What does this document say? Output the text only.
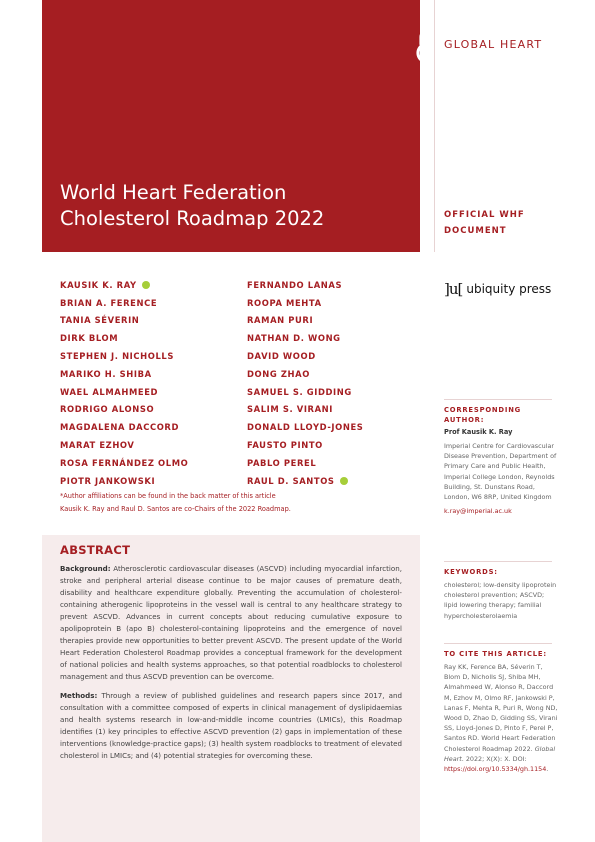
World Heart Federation
Cholesterol Roadmap 2022
GLOBAL HEART
OFFICIAL WHF
DOCUMENT
]u[ ubiquity press
KAUSIK K. RAY
BRIAN A. FERENCE
TANIA SÉVERIN
DIRK BLOM
STEPHEN J. NICHOLLS
MARIKO H. SHIBA
WAEL ALMAHMEED
RODRIGO ALONSO
MAGDALENA DACCORD
MARAT EZHOV
ROSA FERNÁNDEZ OLMO
PIOTR JANKOWSKI
FERNANDO LANAS
ROOPA MEHTA
RAMAN PURI
NATHAN D. WONG
DAVID WOOD
DONG ZHAO
SAMUEL S. GIDDING
SALIM S. VIRANI
DONALD LLOYD-JONES
FAUSTO PINTO
PABLO PEREL
RAUL D. SANTOS
*Author affiliations can be found in the back matter of this article
Kausik K. Ray and Raul D. Santos are co-Chairs of the 2022 Roadmap.
CORRESPONDING AUTHOR:
Prof Kausik K. Ray
Imperial Centre for Cardiovascular Disease Prevention, Department of Primary Care and Public Health, Imperial College London, Reynolds Building, St. Dunstans Road, London, W6 8RP, United Kingdom
k.ray@imperial.ac.uk
KEYWORDS:
cholesterol; low-density lipoprotein cholesterol prevention; ASCVD; lipid lowering therapy; familial hypercholesterolaemia
TO CITE THIS ARTICLE:
Ray KK, Ference BA, Séverin T, Blom D, Nicholls SJ, Shiba MH, Almahmeed W, Alonso R, Daccord M, Ezhov M, Olmo RF, Jankowski P, Lanas F, Mehta R, Puri R, Wong ND, Wood D, Zhao D, Gidding SS, Virani SS, Lloyd-Jones D, Pinto F, Perel P, Santos RD. World Heart Federation Cholesterol Roadmap 2022. Global Heart. 2022; X(X): X. DOI: https://doi.org/10.5334/gh.1154.
ABSTRACT

Background: Atherosclerotic cardiovascular diseases (ASCVD) including myocardial infarction, stroke and peripheral arterial disease continue to be major causes of premature death, disability and healthcare expenditure globally. Preventing the accumulation of cholesterol-containing atherogenic lipoproteins in the vessel wall is central to any healthcare strategy to prevent ASCVD. Advances in current concepts about reducing cumulative exposure to apolipoprotein B (apo B) cholesterol-containing lipoproteins and the emergence of novel therapies provide new opportunities to better prevent ASCVD. The present update of the World Heart Federation Cholesterol Roadmap provides a conceptual framework for the development of national policies and health systems approaches, so that potential roadblocks to cholesterol management and thus ASCVD prevention can be overcome.

Methods: Through a review of published guidelines and research papers since 2017, and consultation with a committee composed of experts in clinical management of dyslipidaemias and health systems research in low-and-middle income countries (LMICs), this Roadmap identifies (1) key principles to effective ASCVD prevention (2) gaps in implementation of these interventions (knowledge-practice gaps); (3) health system roadblocks to treatment of elevated cholesterol in LMICs; and (4) potential strategies for overcoming these.
